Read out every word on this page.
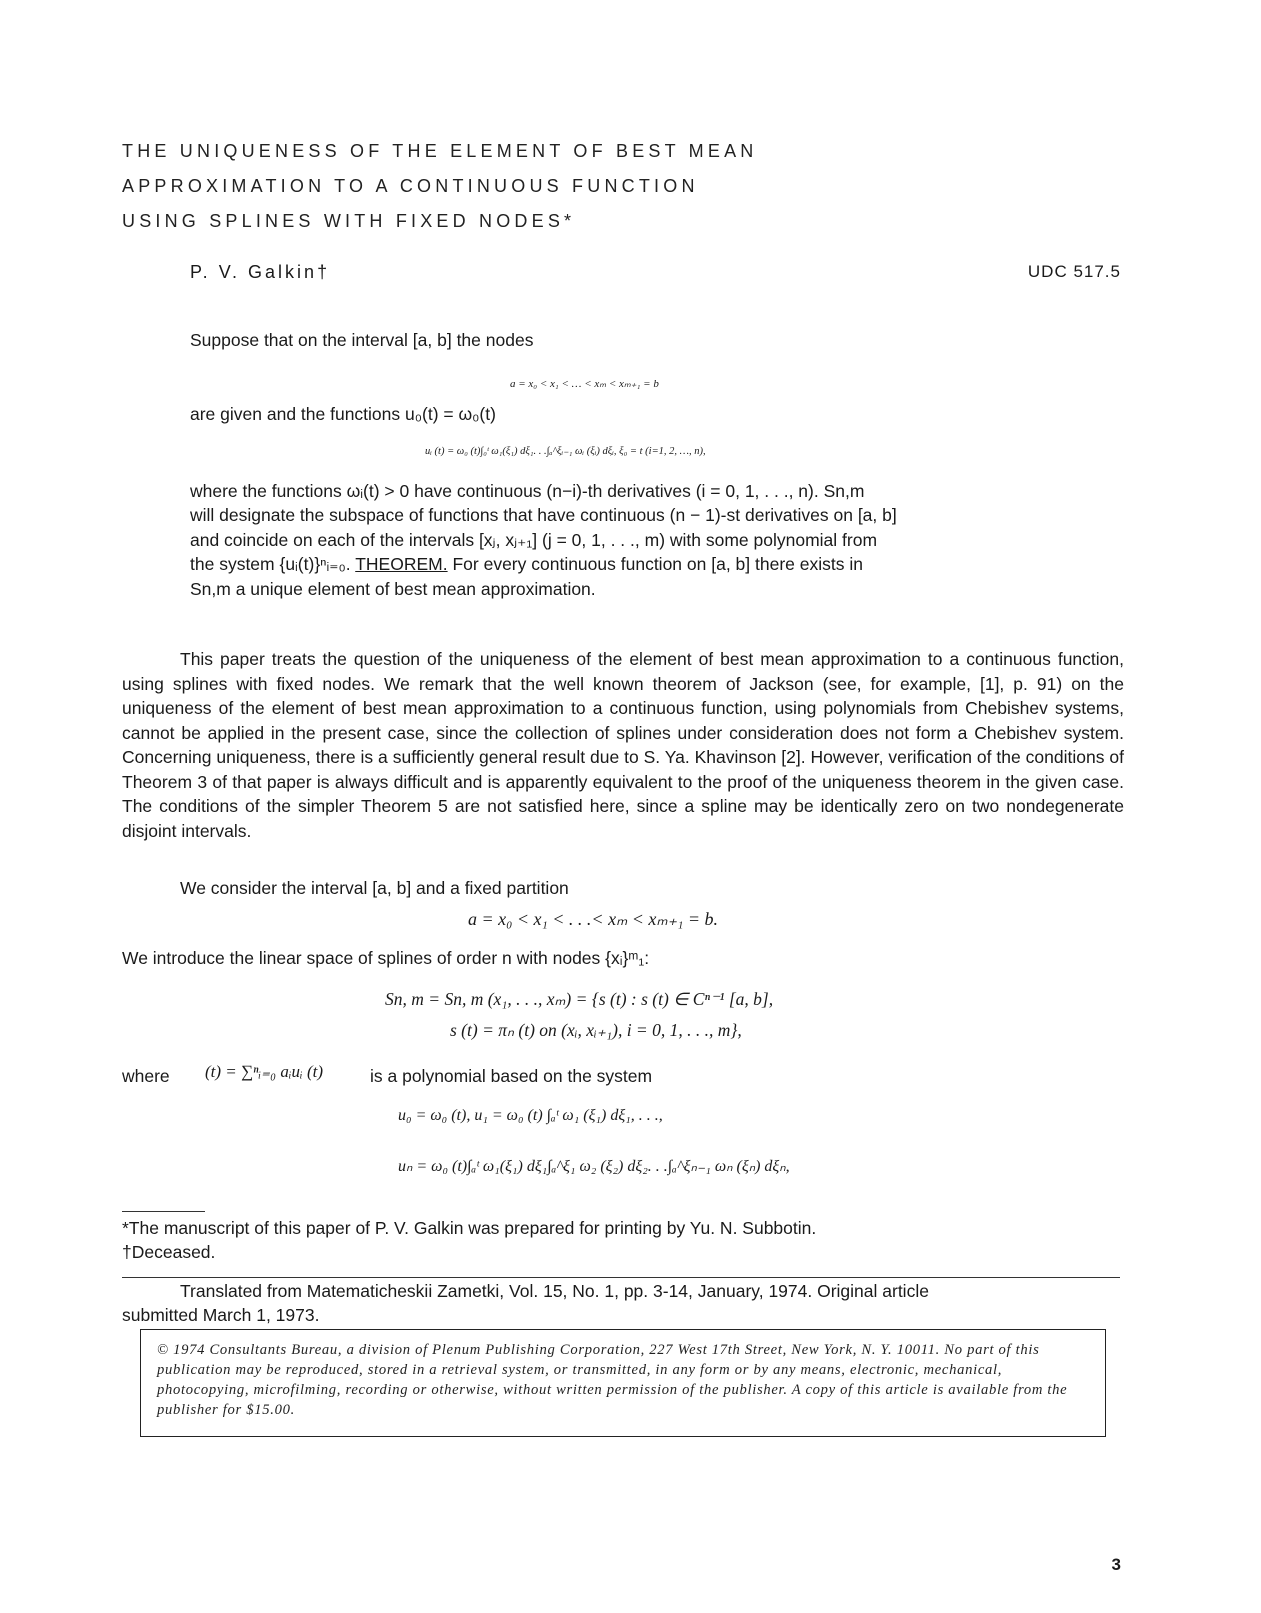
THE UNIQUENESS OF THE ELEMENT OF BEST MEAN
APPROXIMATION TO A CONTINUOUS FUNCTION
USING SPLINES WITH FIXED NODES*
P. V. Galkin†	UDC 517.5
Suppose that on the interval [a, b] the nodes
a = x₀ < x₁ < … < xₘ < xₘ₊₁ = b
are given and the functions u₀(t) = ω₀(t)
uᵢ (t) = ω₀ (t)∫₀ᵗ ω₁(ξ₁) dξ₁. . .∫ₐ^ξᵢ₋₁ ωᵢ (ξᵢ) dξᵢ, ξ₀ = t (i=1, 2, …, n),
where the functions ωᵢ(t) > 0 have continuous (n−i)-th derivatives (i = 0, 1, . . ., n). Sn,m
will designate the subspace of functions that have continuous (n − 1)-st derivatives on [a, b]
and coincide on each of the intervals [xⱼ, xⱼ₊₁] (j = 0, 1, . . ., m) with some polynomial from
the system {uᵢ(t)}ⁿᵢ₌₀. THEOREM. For every continuous function on [a, b] there exists in
Sn,m a unique element of best mean approximation.
This paper treats the question of the uniqueness of the element of best mean approximation to a continuous function, using splines with fixed nodes. We remark that the well known theorem of Jackson (see, for example, [1], p. 91) on the uniqueness of the element of best mean approximation to a continuous function, using polynomials from Chebishev systems, cannot be applied in the present case, since the collection of splines under consideration does not form a Chebishev system. Concerning uniqueness, there is a sufficiently general result due to S. Ya. Khavinson [2]. However, verification of the conditions of Theorem 3 of that paper is always difficult and is apparently equivalent to the proof of the uniqueness theorem in the given case. The conditions of the simpler Theorem 5 are not satisfied here, since a spline may be identically zero on two nondegenerate disjoint intervals.
We consider the interval [a, b] and a fixed partition
a = x₀ < x₁ < . . .< xₘ < xₘ₊₁ = b.
We introduce the linear space of splines of order n with nodes {xᵢ}ᵐ₁:
Sn, m = Sn, m (x₁, . . ., xₘ) = {s (t) : s (t) ∈ Cⁿ⁻¹ [a, b],
s (t) = πₙ (t) on (xᵢ, xᵢ₊₁), i = 0, 1, . . ., m},
where (t) = ∑ⁿᵢ₌₀ aᵢuᵢ (t)	is a polynomial based on the system
u₀ = ω₀ (t), u₁ = ω₀ (t) ∫ₐᵗ ω₁ (ξ₁) dξ₁, . . .,
uₙ = ω₀ (t)∫ₐᵗ ω₁(ξ₁) dξ₁∫ₐ^ξ₁ ω₂ (ξ₂) dξ₂. . .∫ₐ^ξₙ₋₁ ωₙ (ξₙ) dξₙ,
*The manuscript of this paper of P. V. Galkin was prepared for printing by Yu. N. Subbotin.
†Deceased.
Translated from Matematicheskii Zametki, Vol. 15, No. 1, pp. 3-14, January, 1974. Original article
submitted March 1, 1973.
© 1974 Consultants Bureau, a division of Plenum Publishing Corporation, 227 West 17th Street, New York, N. Y. 10011. No part of this publication may be reproduced, stored in a retrieval system, or transmitted, in any form or by any means, electronic, mechanical, photocopying, microfilming, recording or otherwise, without written permission of the publisher. A copy of this article is available from the publisher for $15.00.
3
